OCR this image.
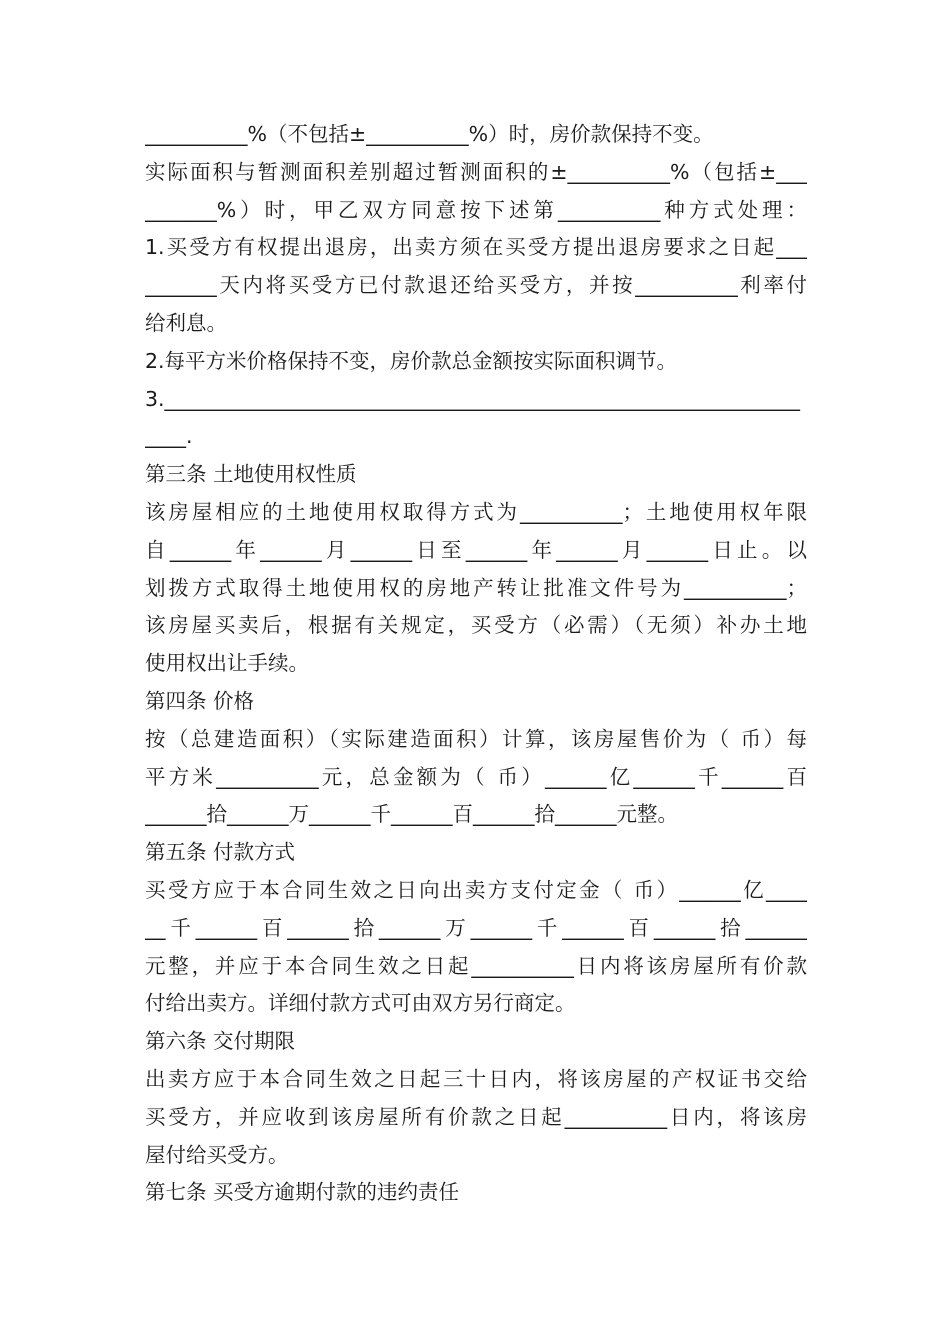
__________%（不包括±__________%）时，房价款保持不变。
实际面积与暂测面积差别超过暂测面积的±__________%（包括±___
_______%）时，甲乙双方同意按下述第__________种方式处理：
1.买受方有权提出退房，出卖方须在买受方提出退房要求之日起___
_______天内将买受方已付款退还给买受方，并按__________利率付
给利息。
2.每平方米价格保持不变，房价款总金额按实际面积调节。
3.______________________________________________________________
____.
第三条 土地使用权性质
该房屋相应的土地使用权取得方式为__________；土地使用权年限
自______年______月______日至______年______月______日止。以
划拨方式取得土地使用权的房地产转让批准文件号为__________；
该房屋买卖后，根据有关规定，买受方（必需）（无须）补办土地
使用权出让手续。
第四条 价格
按（总建造面积）（实际建造面积）计算，该房屋售价为（ 币）每
平方米__________元，总金额为（ 币）______亿______千______百
______拾______万______千______百______拾______元整。
第五条 付款方式
买受方应于本合同生效之日向出卖方支付定金（ 币）______亿____
__千______百______拾______万______千______百______拾______
元整，并应于本合同生效之日起__________日内将该房屋所有价款
付给出卖方。详细付款方式可由双方另行商定。
第六条 交付期限
出卖方应于本合同生效之日起三十日内，将该房屋的产权证书交给
买受方，并应收到该房屋所有价款之日起__________日内，将该房
屋付给买受方。
第七条 买受方逾期付款的违约责任
